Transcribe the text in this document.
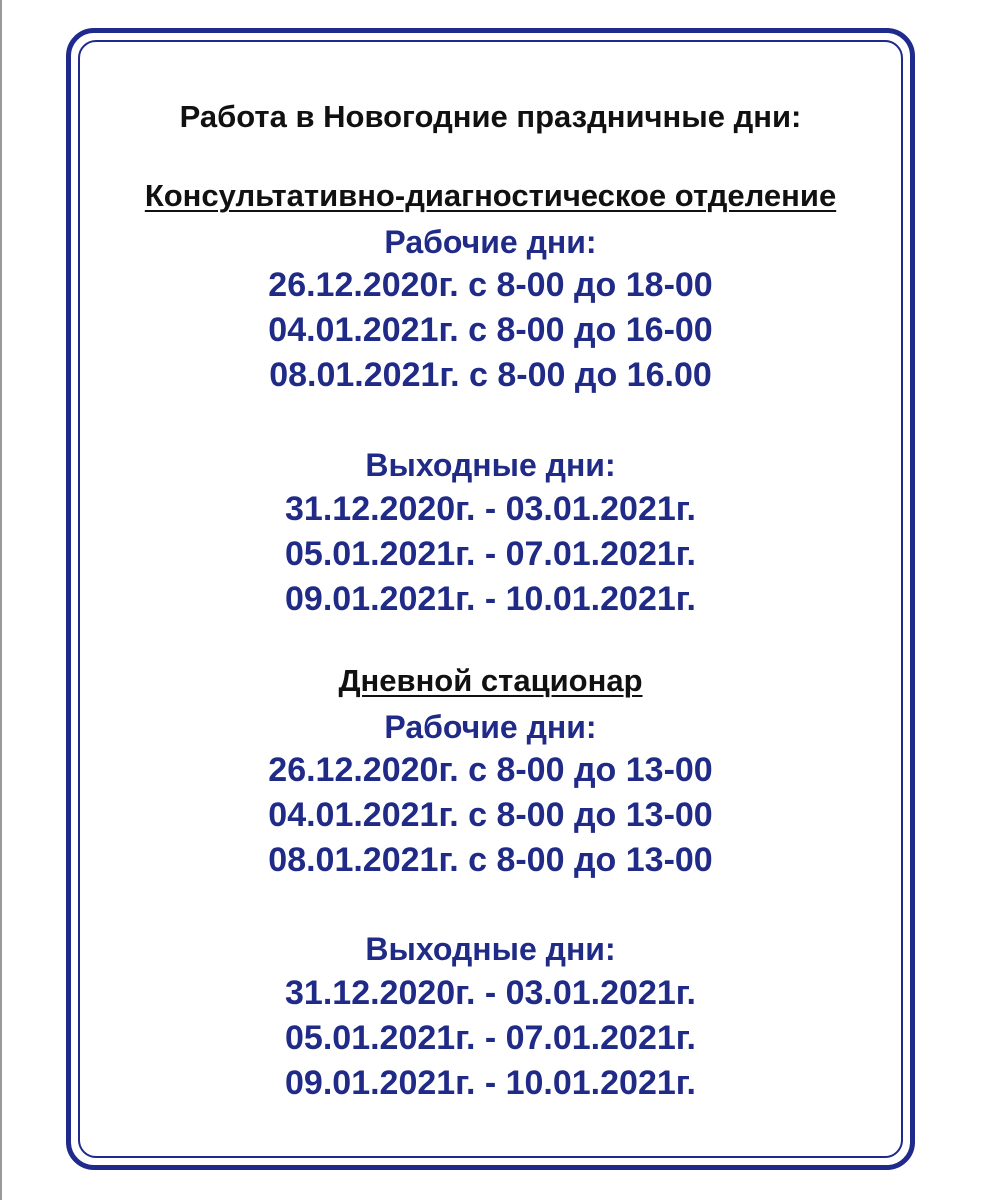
Работа в Новогодние праздничные дни:
Консультативно-диагностическое отделение
Рабочие дни:
26.12.2020г. с 8-00 до 18-00
04.01.2021г. с 8-00 до 16-00
08.01.2021г. с 8-00 до 16.00
Выходные дни:
31.12.2020г. - 03.01.2021г.
05.01.2021г. - 07.01.2021г.
09.01.2021г. - 10.01.2021г.
Дневной стационар
Рабочие дни:
26.12.2020г. с 8-00 до 13-00
04.01.2021г. с 8-00 до 13-00
08.01.2021г. с 8-00 до 13-00
Выходные дни:
31.12.2020г. - 03.01.2021г.
05.01.2021г. - 07.01.2021г.
09.01.2021г. - 10.01.2021г.
